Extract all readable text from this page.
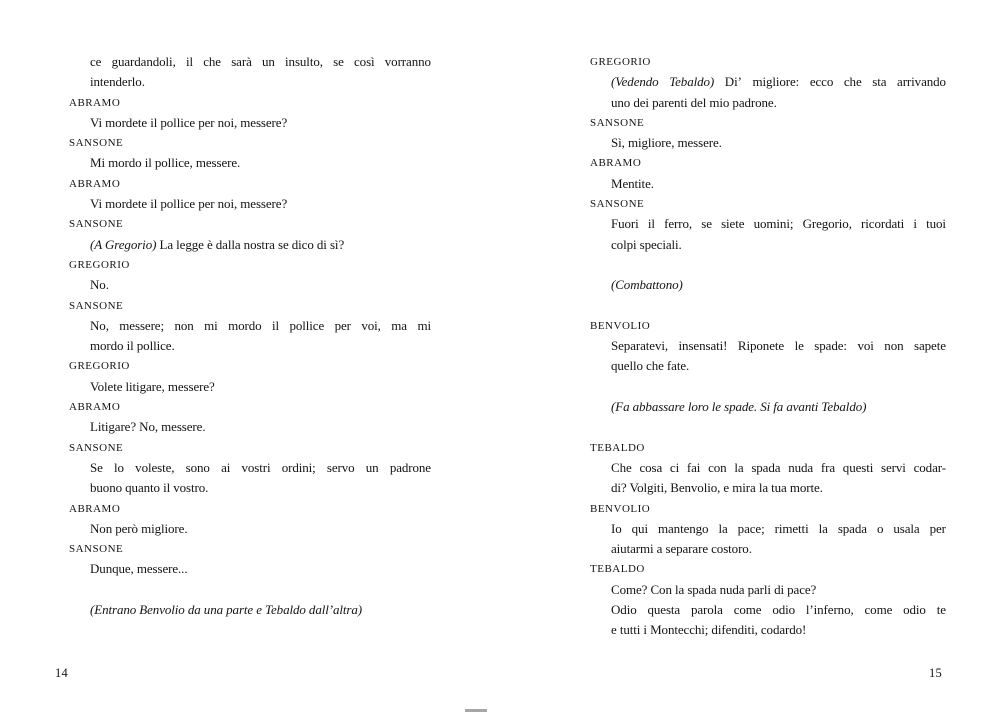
ce guardandoli, il che sarà un insulto, se così vorranno
intenderlo.
ABRAMO
Vi mordete il pollice per noi, messere?
SANSONE
Mi mordo il pollice, messere.
ABRAMO
Vi mordete il pollice per noi, messere?
SANSONE
(A Gregorio) La legge è dalla nostra se dico di sì?
GREGORIO
No.
SANSONE
No, messere; non mi mordo il pollice per voi, ma mi
mordo il pollice.
GREGORIO
Volete litigare, messere?
ABRAMO
Litigare? No, messere.
SANSONE
Se lo voleste, sono ai vostri ordini; servo un padrone
buono quanto il vostro.
ABRAMO
Non però migliore.
SANSONE
Dunque, messere...
(Entrano Benvolio da una parte e Tebaldo dall’altra)
GREGORIO
(Vedendo Tebaldo) Di’ migliore: ecco che sta arrivando
uno dei parenti del mio padrone.
SANSONE
Sì, migliore, messere.
ABRAMO
Mentite.
SANSONE
Fuori il ferro, se siete uomini; Gregorio, ricordati i tuoi
colpi speciali.
(Combattono)
BENVOLIO
Separatevi, insensati! Riponete le spade: voi non sapete
quello che fate.
(Fa abbassare loro le spade. Si fa avanti Tebaldo)
TEBALDO
Che cosa ci fai con la spada nuda fra questi servi codar-
di? Volgiti, Benvolio, e mira la tua morte.
BENVOLIO
Io qui mantengo la pace; rimetti la spada o usala per
aiutarmi a separare costoro.
TEBALDO
Come? Con la spada nuda parli di pace?
Odio questa parola come odio l’inferno, come odio te
e tutti i Montecchi; difenditi, codardo!
14	15
